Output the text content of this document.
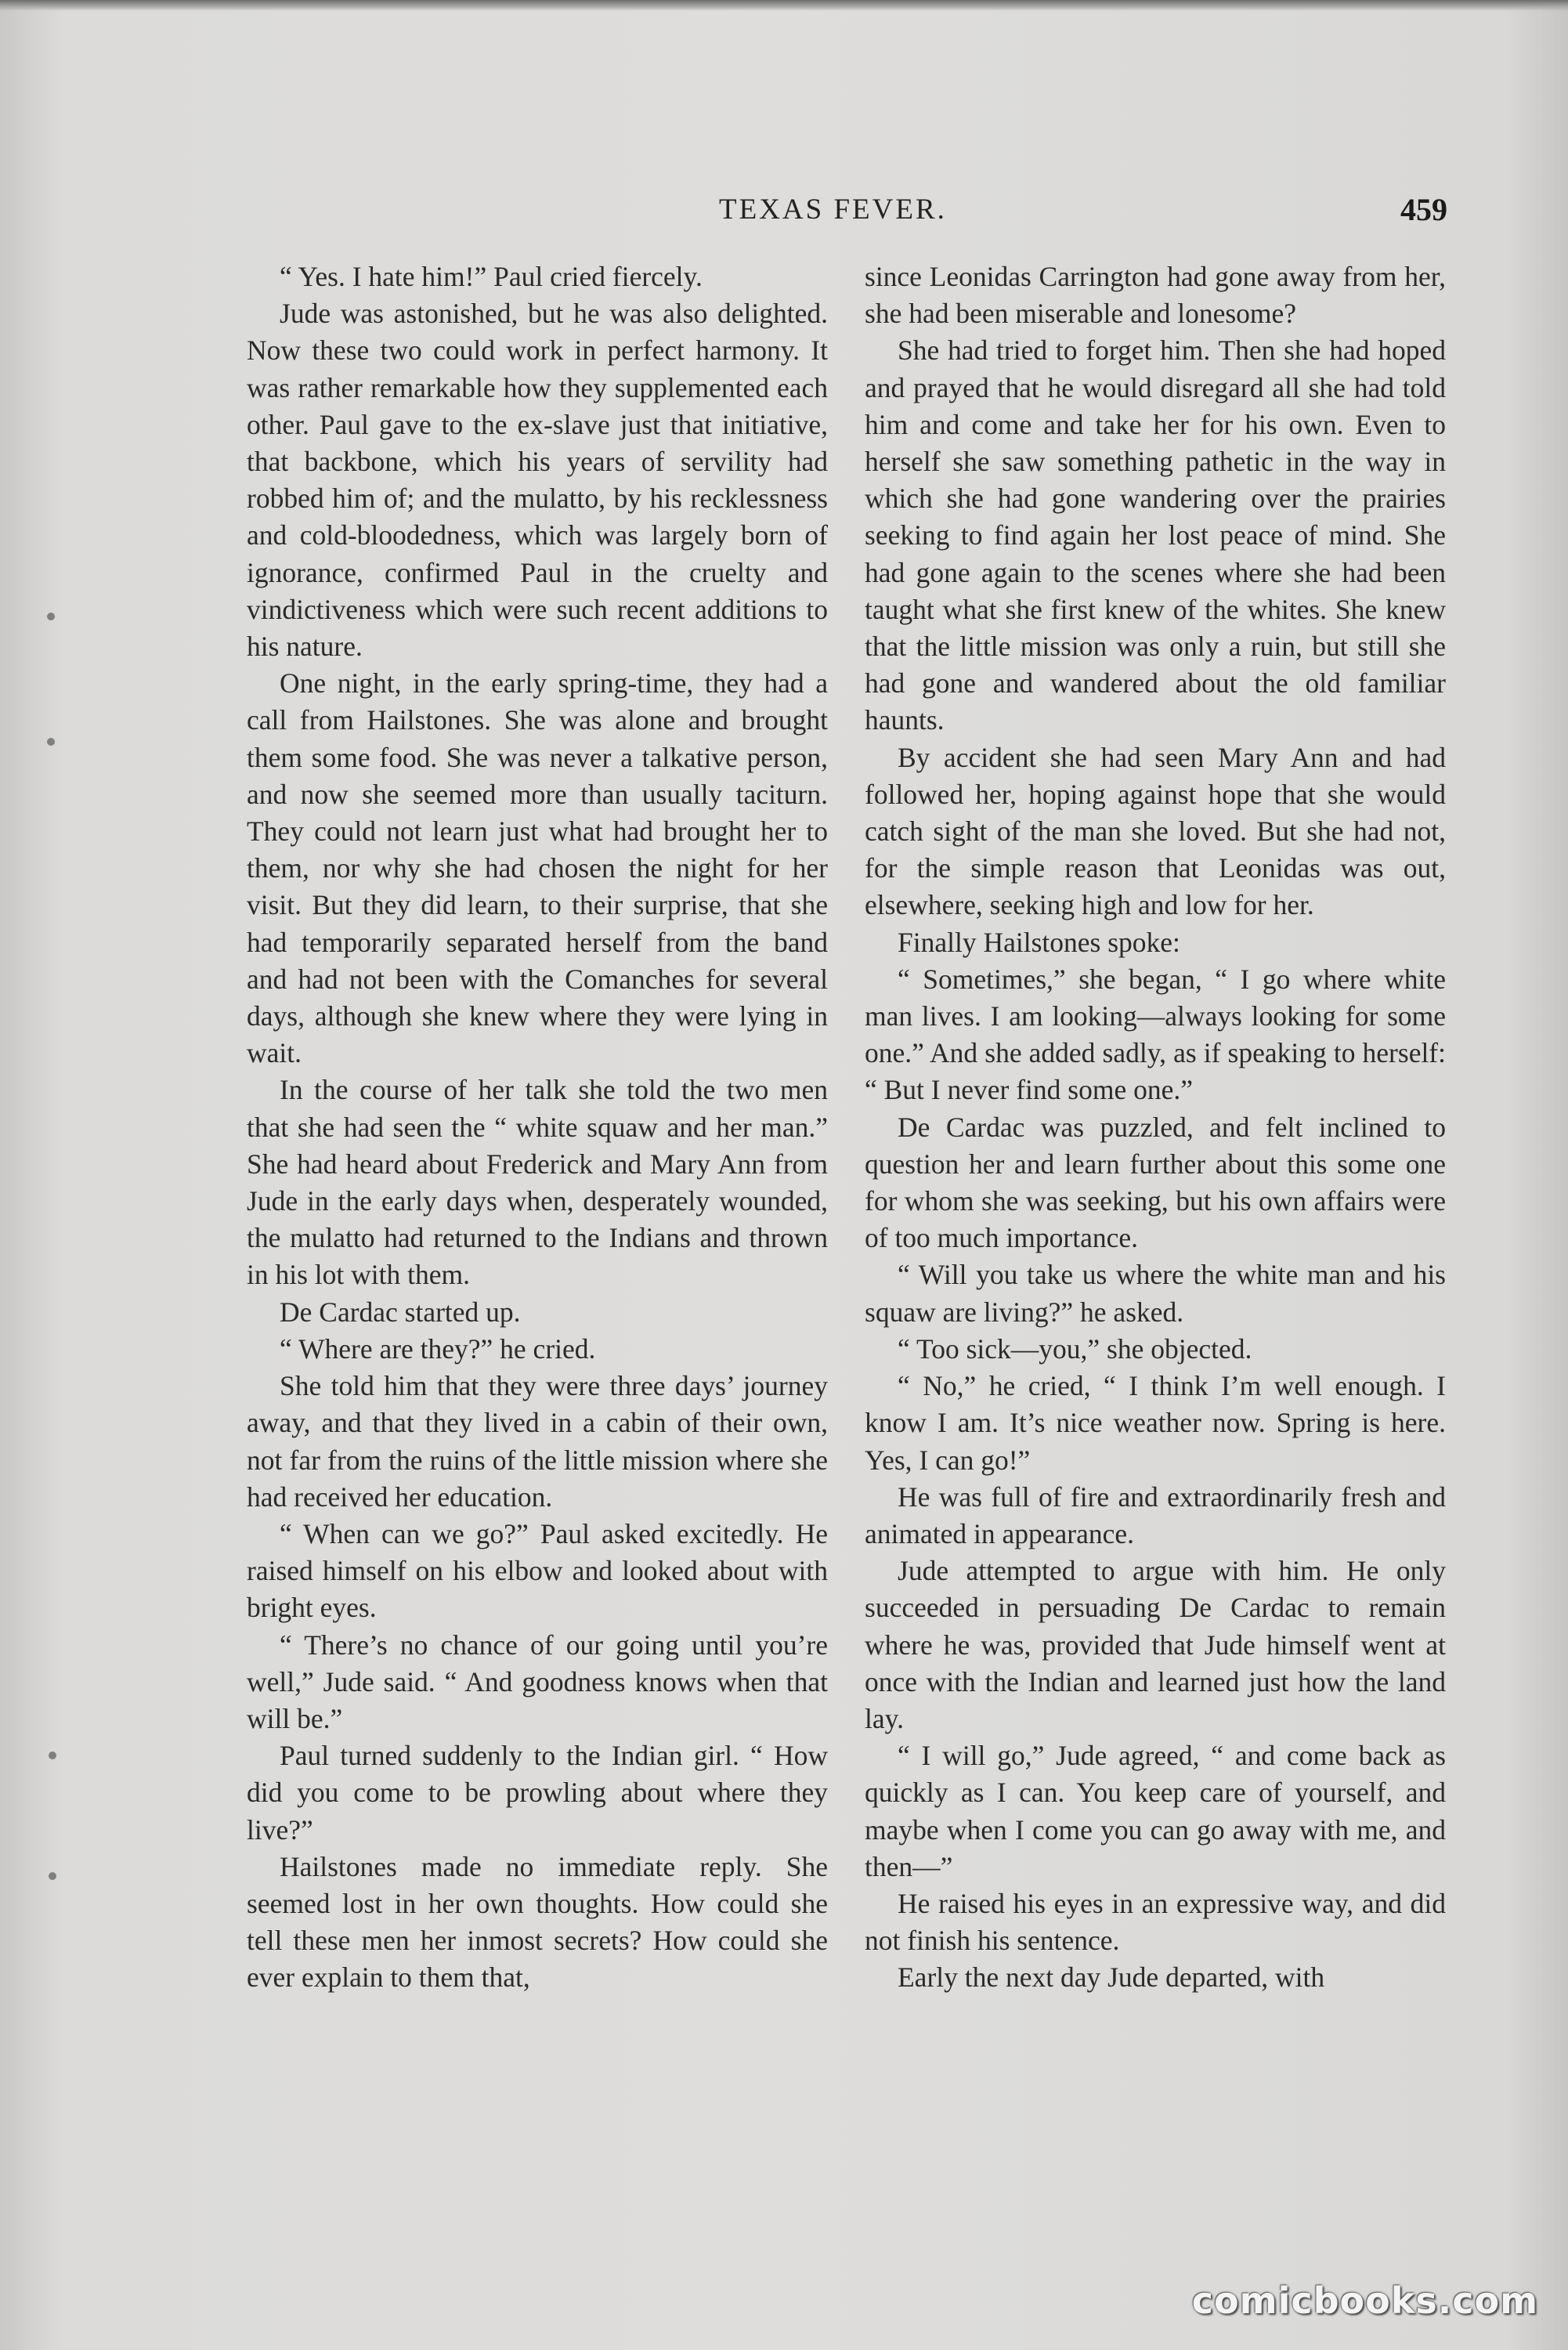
TEXAS FEVER.	459

“ Yes. I hate him!” Paul cried fiercely.

Jude was astonished, but he was also delighted. Now these two could work in perfect harmony. It was rather remarkable how they supplemented each other. Paul gave to the ex-slave just that initiative, that backbone, which his years of servility had robbed him of; and the mulatto, by his recklessness and cold-bloodedness, which was largely born of ignorance, confirmed Paul in the cruelty and vindictiveness which were such recent additions to his nature.

One night, in the early spring-time, they had a call from Hailstones. She was alone and brought them some food. She was never a talkative person, and now she seemed more than usually taciturn. They could not learn just what had brought her to them, nor why she had chosen the night for her visit. But they did learn, to their surprise, that she had temporarily separated herself from the band and had not been with the Comanches for several days, although she knew where they were lying in wait.

In the course of her talk she told the two men that she had seen the “ white squaw and her man.” She had heard about Frederick and Mary Ann from Jude in the early days when, desperately wounded, the mulatto had returned to the Indians and thrown in his lot with them.

De Cardac started up.

“ Where are they?” he cried.

She told him that they were three days’ journey away, and that they lived in a cabin of their own, not far from the ruins of the little mission where she had received her education.

“ When can we go?” Paul asked excitedly. He raised himself on his elbow and looked about with bright eyes.

“ There’s no chance of our going until you’re well,” Jude said. “ And goodness knows when that will be.”

Paul turned suddenly to the Indian girl. “ How did you come to be prowling about where they live?”

Hailstones made no immediate reply. She seemed lost in her own thoughts. How could she tell these men her inmost secrets? How could she ever explain to them that,

since Leonidas Carrington had gone away from her, she had been miserable and lonesome?

She had tried to forget him. Then she had hoped and prayed that he would disregard all she had told him and come and take her for his own. Even to herself she saw something pathetic in the way in which she had gone wandering over the prairies seeking to find again her lost peace of mind. She had gone again to the scenes where she had been taught what she first knew of the whites. She knew that the little mission was only a ruin, but still she had gone and wandered about the old familiar haunts.

By accident she had seen Mary Ann and had followed her, hoping against hope that she would catch sight of the man she loved. But she had not, for the simple reason that Leonidas was out, elsewhere, seeking high and low for her.

Finally Hailstones spoke:

“ Sometimes,” she began, “ I go where white man lives. I am looking—always looking for some one.” And she added sadly, as if speaking to herself: “ But I never find some one.”

De Cardac was puzzled, and felt inclined to question her and learn further about this some one for whom she was seeking, but his own affairs were of too much importance.

“ Will you take us where the white man and his squaw are living?” he asked.

“ Too sick—you,” she objected.

“ No,” he cried, “ I think I’m well enough. I know I am. It’s nice weather now. Spring is here. Yes, I can go!”

He was full of fire and extraordinarily fresh and animated in appearance.

Jude attempted to argue with him. He only succeeded in persuading De Cardac to remain where he was, provided that Jude himself went at once with the Indian and learned just how the land lay.

“ I will go,” Jude agreed, “ and come back as quickly as I can. You keep care of yourself, and maybe when I come you can go away with me, and then—”

He raised his eyes in an expressive way, and did not finish his sentence.

Early the next day Jude departed, with

comicbooks.com
